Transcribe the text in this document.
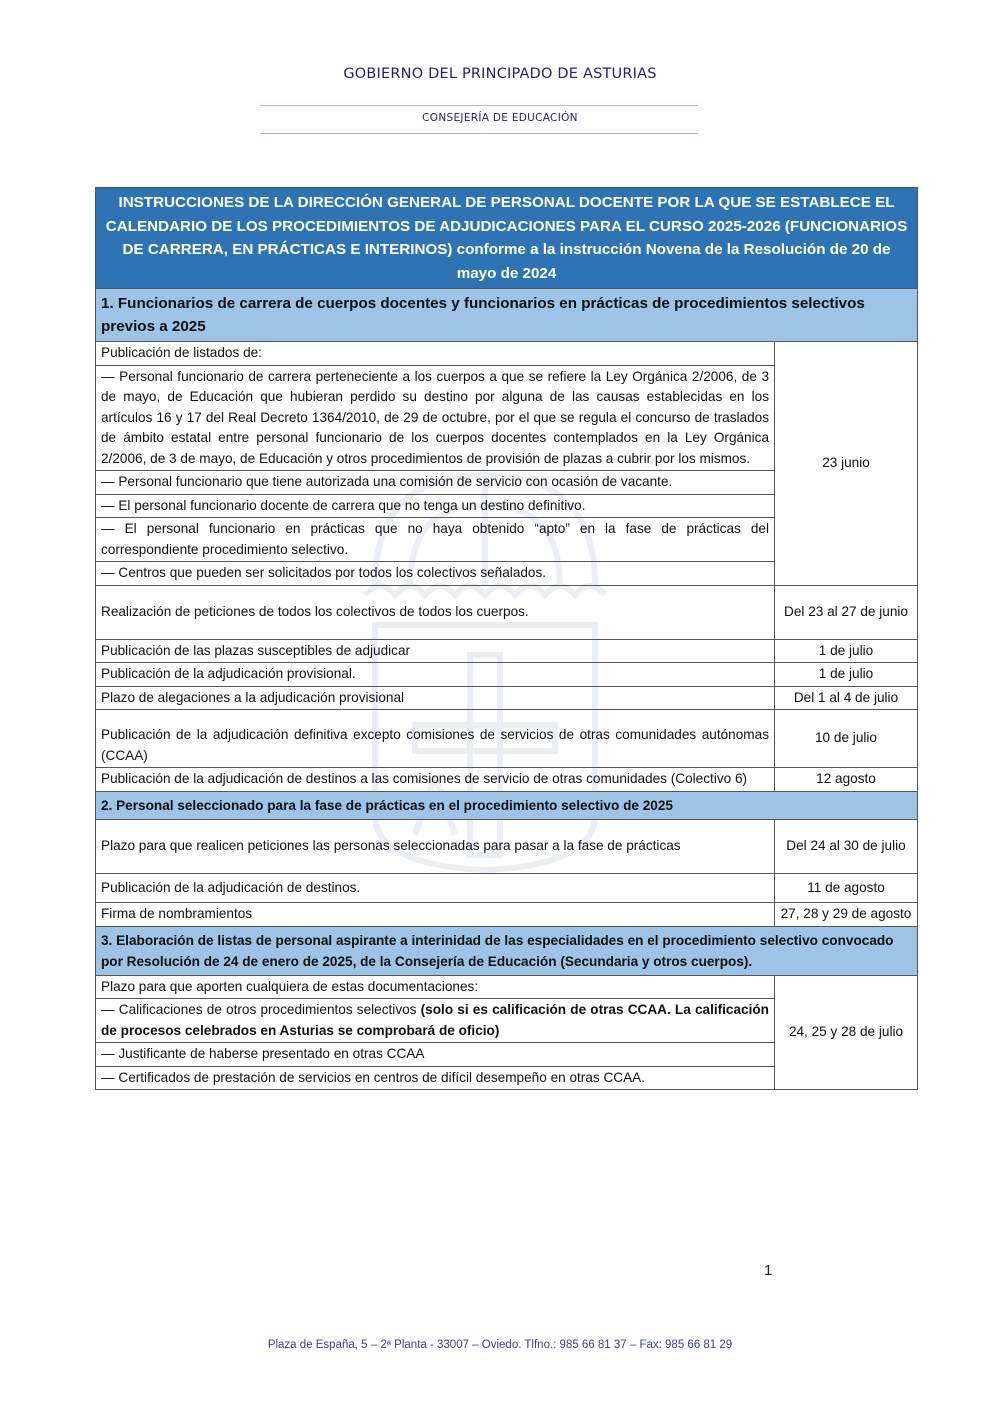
GOBIERNO DEL PRINCIPADO DE ASTURIAS
CONSEJERÍA DE EDUCACIÓN
INSTRUCCIONES DE LA DIRECCIÓN GENERAL DE PERSONAL DOCENTE POR LA QUE SE ESTABLECE EL CALENDARIO DE LOS PROCEDIMIENTOS DE ADJUDICACIONES PARA EL CURSO 2025-2026 (FUNCIONARIOS DE CARRERA, EN PRÁCTICAS E INTERINOS) conforme a la instrucción Novena de la Resolución de 20 de mayo de 2024	
1. Funcionarios de carrera de cuerpos docentes y funcionarios en prácticas de procedimientos selectivos previos a 2025	
Publicación de listados de:	23 junio
— Personal funcionario de carrera perteneciente a los cuerpos a que se refiere la Ley Orgánica 2/2006, de 3 de mayo, de Educación que hubieran perdido su destino por alguna de las causas establecidas en los artículos 16 y 17 del Real Decreto 1364/2010, de 29 de octubre, por el que se regula el concurso de traslados de ámbito estatal entre personal funcionario de los cuerpos docentes contemplados en la Ley Orgánica 2/2006, de 3 de mayo, de Educación y otros procedimientos de provisión de plazas a cubrir por los mismos.	
— Personal funcionario que tiene autorizada una comisión de servicio con ocasión de vacante.	
— El personal funcionario docente de carrera que no tenga un destino definitivo.	
— El personal funcionario en prácticas que no haya obtenido “apto” en la fase de prácticas del correspondiente procedimiento selectivo.	
— Centros que pueden ser solicitados por todos los colectivos señalados.	
Realización de peticiones de todos los colectivos de todos los cuerpos.	Del 23 al 27 de junio
Publicación de las plazas susceptibles de adjudicar	1 de julio
Publicación de la adjudicación provisional.	1 de julio
Plazo de alegaciones a la adjudicación provisional	Del 1 al 4 de julio
Publicación de la adjudicación definitiva excepto comisiones de servicios de otras comunidades autónomas (CCAA)	10 de julio
Publicación de la adjudicación de destinos a las comisiones de servicio de otras comunidades (Colectivo 6)	12 agosto
2. Personal seleccionado para la fase de prácticas en el procedimiento selectivo de 2025	
Plazo para que realicen peticiones las personas seleccionadas para pasar a la fase de prácticas	Del 24 al 30 de julio
Publicación de la adjudicación de destinos.	11 de agosto
Firma de nombramientos	27, 28 y 29 de agosto
3. Elaboración de listas de personal aspirante a interinidad de las especialidades en el procedimiento selectivo convocado por Resolución de 24 de enero de 2025, de la Consejería de Educación (Secundaria y otros cuerpos).	
Plazo para que aporten cualquiera de estas documentaciones:	24, 25 y 28 de julio
— Calificaciones de otros procedimientos selectivos (solo si es calificación de otras CCAA. La calificación de procesos celebrados en Asturias se comprobará de oficio)	
— Justificante de haberse presentado en otras CCAA	
— Certificados de prestación de servicios en centros de difícil desempeño en otras CCAA.	
1
Plaza de España, 5 – 2ª Planta - 33007 – Oviedo. Tlfno.: 985 66 81 37 – Fax: 985 66 81 29
